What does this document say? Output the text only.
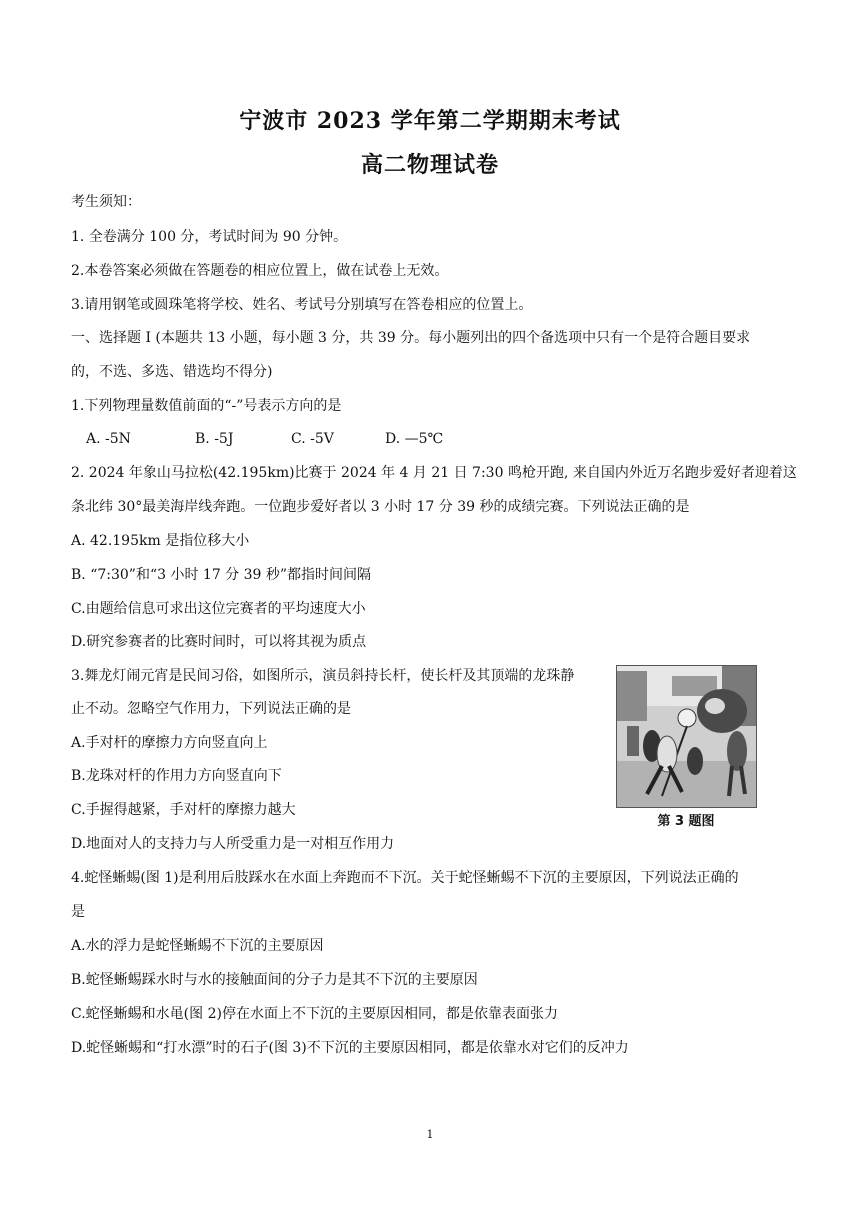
宁波市 2023 学年第二学期期末考试
高二物理试卷
考生须知：
1. 全卷满分 100 分，考试时间为 90 分钟。
2.本卷答案必须做在答题卷的相应位置上，做在试卷上无效。
3.请用钢笔或圆珠笔将学校、姓名、考试号分别填写在答卷相应的位置上。
一、选择题 I (本题共 13 小题，每小题 3 分，共 39 分。每小题列出的四个备选项中只有一个是符合题目要求
的，不选、多选、错选均不得分)
1.下列物理量数值前面的“-”号表示方向的是
A. -5N	B. -5J	C. -5V	D. —5℃
2. 2024 年象山马拉松(42.195km)比赛于 2024 年 4 月 21 日 7:30 鸣枪开跑, 来自国内外近万名跑步爱好者迎着这
条北纬 30°最美海岸线奔跑。一位跑步爱好者以 3 小时 17 分 39 秒的成绩完赛。下列说法正确的是
A. 42.195km 是指位移大小
B. “7:30”和“3 小时 17 分 39 秒”都指时间间隔
C.由题给信息可求出这位完赛者的平均速度大小
D.研究参赛者的比赛时间时，可以将其视为质点
3.舞龙灯闹元宵是民间习俗，如图所示，演员斜持长杆，使长杆及其顶端的龙珠静
止不动。忽略空气作用力，下列说法正确的是
A.手对杆的摩擦力方向竖直向上
B.龙珠对杆的作用力方向竖直向下
C.手握得越紧，手对杆的摩擦力越大
D.地面对人的支持力与人所受重力是一对相互作用力
第 3 题图
4.蛇怪蜥蜴(图 1)是利用后肢踩水在水面上奔跑而不下沉。关于蛇怪蜥蜴不下沉的主要原因，下列说法正确的
是
A.水的浮力是蛇怪蜥蜴不下沉的主要原因
B.蛇怪蜥蜴踩水时与水的接触面间的分子力是其不下沉的主要原因
C.蛇怪蜥蜴和水黾(图 2)停在水面上不下沉的主要原因相同，都是依靠表面张力
D.蛇怪蜥蜴和“打水漂”时的石子(图 3)不下沉的主要原因相同，都是依靠水对它们的反冲力
1
